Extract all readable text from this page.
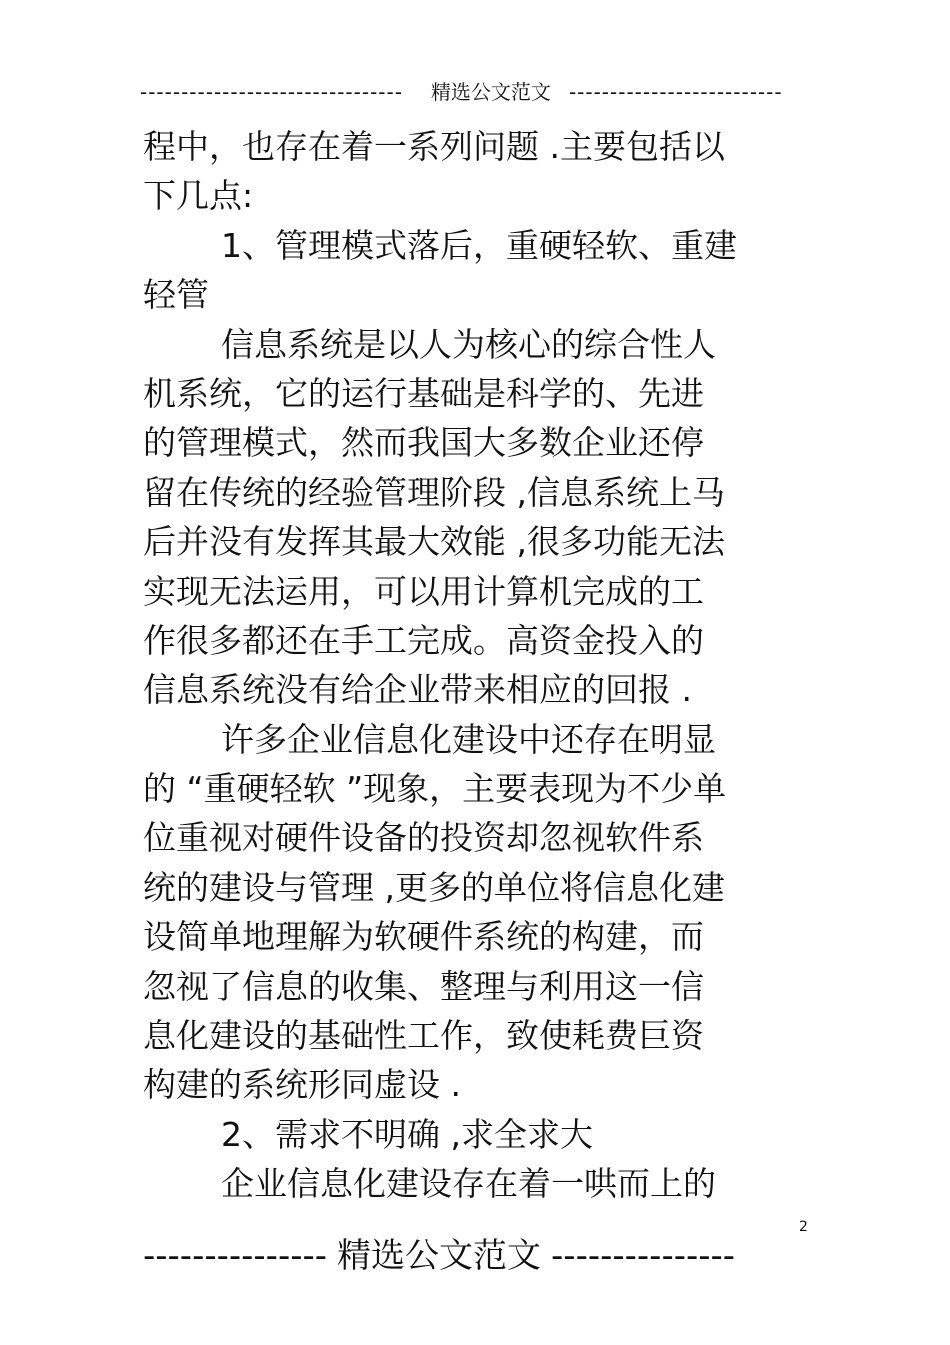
-------------------------------- 精选公文范文 --------------------------
程中，也存在着一系列问题 .主要包括以
下几点:
1、管理模式落后，重硬轻软、重建
轻管
信息系统是以人为核心的综合性人
机系统，它的运行基础是科学的、先进
的管理模式，然而我国大多数企业还停
留在传统的经验管理阶段 ,信息系统上马
后并没有发挥其最大效能 ,很多功能无法
实现无法运用，可以用计算机完成的工
作很多都还在手工完成。高资金投入的
信息系统没有给企业带来相应的回报 .
许多企业信息化建设中还存在明显
的 “重硬轻软 ”现象，主要表现为不少单
位重视对硬件设备的投资却忽视软件系
统的建设与管理 ,更多的单位将信息化建
设简单地理解为软硬件系统的构建，而
忽视了信息的收集、整理与利用这一信
息化建设的基础性工作，致使耗费巨资
构建的系统形同虚设 .
2、需求不明确 ,求全求大
企业信息化建设存在着一哄而上的
2
--------------- 精选公文范文 ---------------
